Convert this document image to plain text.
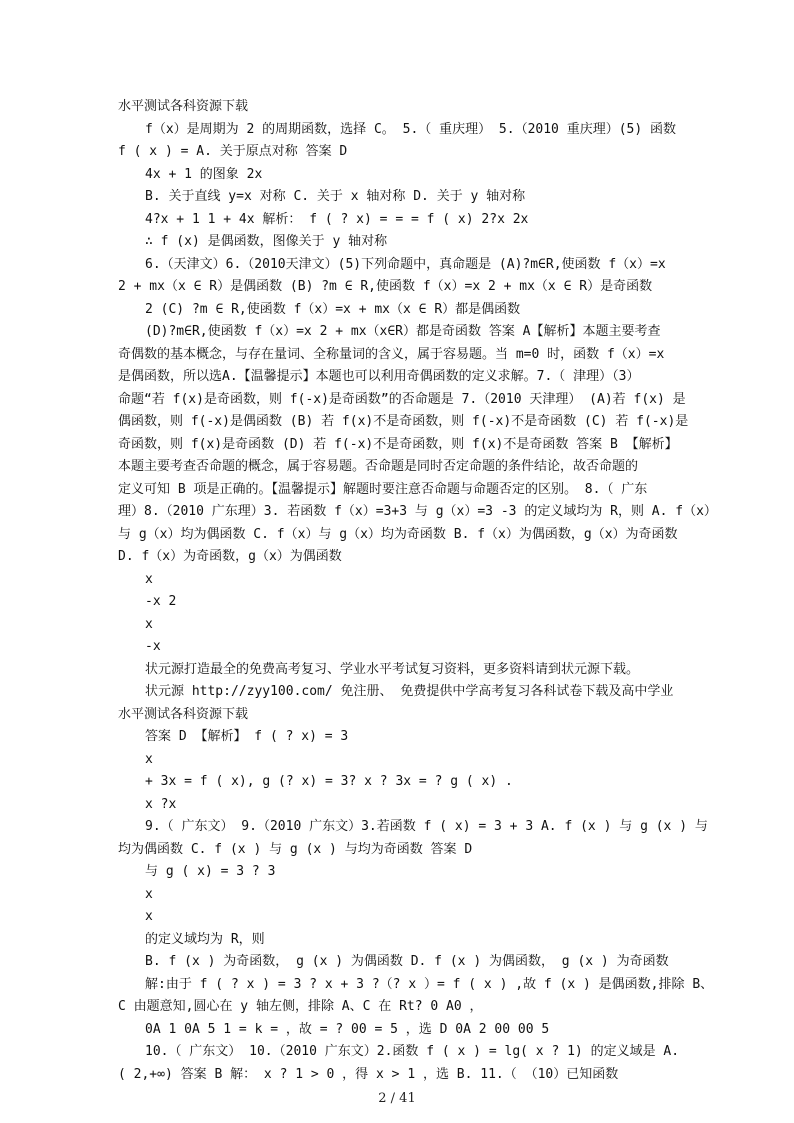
水平测试各科资源下载
f（x）是周期为 2 的周期函数，选择 C。 5.（ 重庆理） 5.（2010 重庆理）(5) 函数
f ( x ) = A. 关于原点对称 答案 D
4x + 1 的图象 2x
B. 关于直线 y=x 对称 C. 关于 x 轴对称 D. 关于 y 轴对称
4?x + 1 1 + 4x 解析： f ( ? x) = = = f ( x) 2?x 2x
∴ f (x) 是偶函数，图像关于 y 轴对称
6.（天津文）6.（2010天津文）(5)下列命题中，真命题是 (A)?m∈R,使函数 f（x）=x
2 + mx（x ∈ R）是偶函数 (B) ?m ∈ R,使函数 f（x）=x 2 + mx（x ∈ R）是奇函数
2 (C) ?m ∈ R,使函数 f（x）=x + mx（x ∈ R）都是偶函数
(D)?m∈R,使函数 f（x）=x 2 + mx（x∈R）都是奇函数 答案 A【解析】本题主要考查
奇偶数的基本概念，与存在量词、全称量词的含义，属于容易题。当 m=0 时，函数 f（x）=x
是偶函数，所以选A.【温馨提示】本题也可以利用奇偶函数的定义求解。7.（ 津理）（3）
命题“若 f(x)是奇函数，则 f(-x)是奇函数”的否命题是 7.（2010 天津理） (A)若 f(x) 是
偶函数，则 f(-x)是偶函数 (B) 若 f(x)不是奇函数，则 f(-x)不是奇函数 (C) 若 f(-x)是
奇函数，则 f(x)是奇函数 (D) 若 f(-x)不是奇函数，则 f(x)不是奇函数 答案 B 【解析】
本题主要考查否命题的概念，属于容易题。否命题是同时否定命题的条件结论，故否命题的
定义可知 B 项是正确的。【温馨提示】解题时要注意否命题与命题否定的区别。 8.（ 广东
理）8.（2010 广东理）3. 若函数 f（x）=3+3 与 g（x）=3 -3 的定义域均为 R，则 A. f（x）
与 g（x）均为偶函数 C. f（x）与 g（x）均为奇函数 B. f（x）为偶函数，g（x）为奇函数
D. f（x）为奇函数，g（x）为偶函数
x
-x 2
x
-x
状元源打造最全的免费高考复习、学业水平考试复习资料，更多资料请到状元源下载。
状元源 http://zyy100.com/ 免注册、 免费提供中学高考复习各科试卷下载及高中学业
水平测试各科资源下载
答案 D 【解析】 f ( ? x) = 3
x
+ 3x = f ( x), g (? x) = 3? x ? 3x = ? g ( x) .
x ?x
9.（ 广东文） 9.（2010 广东文）3.若函数 f ( x) = 3 + 3 A. f (x ) 与 g (x ) 与
均为偶函数 C. f (x ) 与 g (x ) 与均为奇函数 答案 D
与 g ( x) = 3 ? 3
x
x
的定义域均为 R，则
B. f (x ) 为奇函数， g (x ) 为偶函数 D. f (x ) 为偶函数， g (x ) 为奇函数
解:由于 f ( ? x ) = 3 ? x + 3 ?（? x ）= f ( x ) ,故 f (x ) 是偶函数,排除 B、
C 由题意知,圆心在 y 轴左侧，排除 A、C 在 Rt? 0 A0 ，
0A 1 0A 5 1 = k = ，故 = ? 00 = 5 ，选 D 0A 2 00 00 5
10.（ 广东文） 10.（2010 广东文）2.函数 f ( x ) = lg( x ? 1) 的定义域是 A.
( 2,+∞) 答案 B 解： x ? 1 > 0 ，得 x > 1 ，选 B. 11.（ （10）已知函数
2 / 41
